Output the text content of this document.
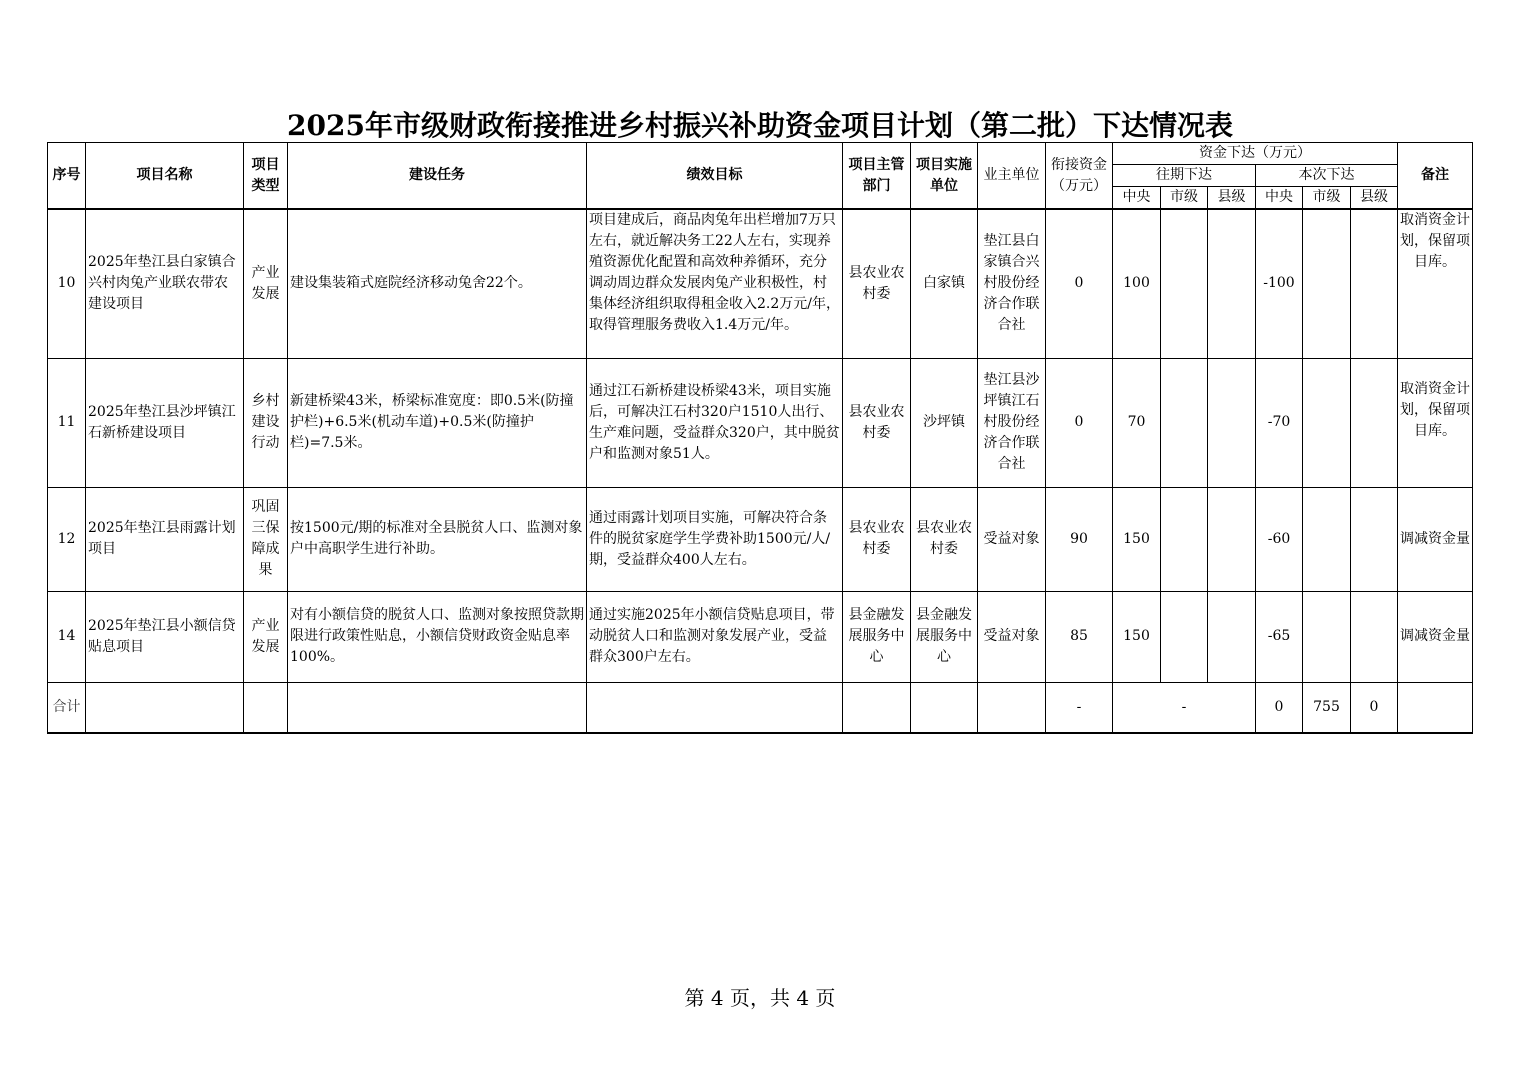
2025年市级财政衔接推进乡村振兴补助资金项目计划（第二批）下达情况表
序号	项目名称	项目类型	建设任务	绩效目标	项目主管部门	项目实施单位	业主单位	衔接资金（万元）	资金下达（万元）						备注
									往期下达			本次下达			
									中央	市级	县级	中央	市级	县级	
10	2025年垫江县白家镇合兴村肉兔产业联农带农建设项目	产业发展	建设集装箱式庭院经济移动兔舍22个。	项目建成后，商品肉兔年出栏增加7万只左右，就近解决务工22人左右，实现养殖资源优化配置和高效种养循环，充分调动周边群众发展肉兔产业积极性，村集体经济组织取得租金收入2.2万元/年，取得管理服务费收入1.4万元/年。	县农业农村委	白家镇	垫江县白家镇合兴村股份经济合作联合社	0	100			-100			取消资金计划，保留项目库。
11	2025年垫江县沙坪镇江石新桥建设项目	乡村建设行动	新建桥梁43米，桥梁标准宽度：即0.5米(防撞护栏)+6.5米(机动车道)+0.5米(防撞护栏)=7.5米。	通过江石新桥建设桥梁43米，项目实施后，可解决江石村320户1510人出行、生产难问题，受益群众320户，其中脱贫户和监测对象51人。	县农业农村委	沙坪镇	垫江县沙坪镇江石村股份经济合作联合社	0	70			-70			取消资金计划，保留项目库。
12	2025年垫江县雨露计划项目	巩固三保障成果	按1500元/期的标准对全县脱贫人口、监测对象户中高职学生进行补助。	通过雨露计划项目实施，可解决符合条件的脱贫家庭学生学费补助1500元/人/期，受益群众400人左右。	县农业农村委	县农业农村委	受益对象	90	150			-60			调减资金量
14	2025年垫江县小额信贷贴息项目	产业发展	对有小额信贷的脱贫人口、监测对象按照贷款期限进行政策性贴息，小额信贷财政资金贴息率100%。	通过实施2025年小额信贷贴息项目，带动脱贫人口和监测对象发展产业，受益群众300户左右。	县金融发展服务中心	县金融发展服务中心	受益对象	85	150			-65			调减资金量
合计								-	-			0	755	0	
第 4 页，共 4 页
